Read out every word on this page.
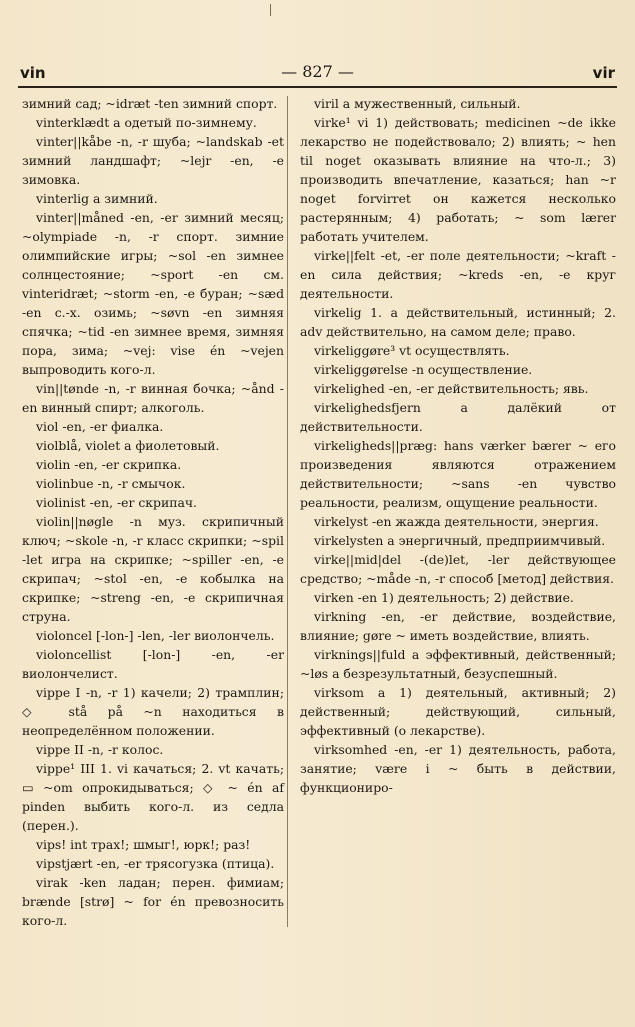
vin	— 827 —	vir

зимний сад; ~idræt -ten зимний спорт.

vinterklædt a одетый по-зимнему.

vinter||kåbe -n, -r шуба; ~landskab -et зимний ландшафт; ~lejr -en, -e зимовка.

vinterlig a зимний.

vinter||måned -en, -er зимний месяц; ~olympiade -n, -r спорт. зимние олимпийские игры; ~sol -en зимнее солнцестояние; ~sport -en см. vinteridræt; ~storm -en, -e буран; ~sæd -en с.-х. озимь; ~søvn -en зимняя спячка; ~tid -en зимнее время, зимняя пора, зима; ~vej: vise én ~vejen выпроводить кого-л.

vin||tønde -n, -r винная бочка; ~ånd -en винный спирт; алкоголь.

viol -en, -er фиалка.

violblå, violet a фиолетовый.

violin -en, -er скрипка.

violinbue -n, -r смычок.

violinist -en, -er скрипач.

violin||nøgle -n муз. скрипичный ключ; ~skole -n, -r класс скрипки; ~spil -let игра на скрипке; ~spiller -en, -e скрипач; ~stol -en, -e кобылка на скрипке; ~streng -en, -e скрипичная струна.

violoncel [-lon-] -len, -ler виолончель.

violoncellist [-lon-] -en, -er виолончелист.

vippe I -n, -r 1) качели; 2) трамплин; ◇ stå på ~n находиться в неопределённом положении.

vippe II -n, -r колос.

vippe¹ III 1. vi качаться; 2. vt качать; ▭ ~om опрокидываться; ◇ ~ én af pinden выбить кого-л. из седла (перен.).

vips! int трах!; шмыг!, юрк!; раз!

vipstjært -en, -er трясогузка (птица).

virak -ken ладан; перен. фимиам; brænde [strø] ~ for én превозносить кого-л.

viril a мужественный, сильный.

virke¹ vi 1) действовать; medicinen ~de ikke лекарство не подействовало; 2) влиять; ~ hen til noget оказывать влияние на что-л.; 3) производить впечатление, казаться; han ~r noget forvirret он кажется несколько растерянным; 4) работать; ~ som lærer работать учителем.

virke||felt -et, -er поле деятельности; ~kraft -en сила действия; ~kreds -en, -e круг деятельности.

virkelig 1. a действительный, истинный; 2. adv действительно, на самом деле; право.

virkeliggøre³ vt осуществлять.

virkeliggørelse -n осуществление.

virkelighed -en, -er действительность; явь.

virkelighedsfjern a далёкий от действительности.

virkeligheds||præg: hans værker bærer ~ его произведения являются отражением действительности; ~sans -en чувство реальности, реализм, ощущение реальности.

virkelyst -en жажда деятельности, энергия.

virkelysten a энергичный, предприимчивый.

virke||mid|del -(de)let, -ler действующее средство; ~måde -n, -r способ [метод] действия.

virken -en 1) деятельность; 2) действие.

virkning -en, -er действие, воздействие, влияние; gøre ~ иметь воздействие, влиять.

virknings||fuld a эффективный, действенный; ~løs a безрезультатный, безуспешный.

virksom a 1) деятельный, активный; 2) действенный; действующий, сильный, эффективный (о лекарстве).

virksomhed -en, -er 1) деятельность, работа, занятие; være i ~ быть в действии, функциониро-
